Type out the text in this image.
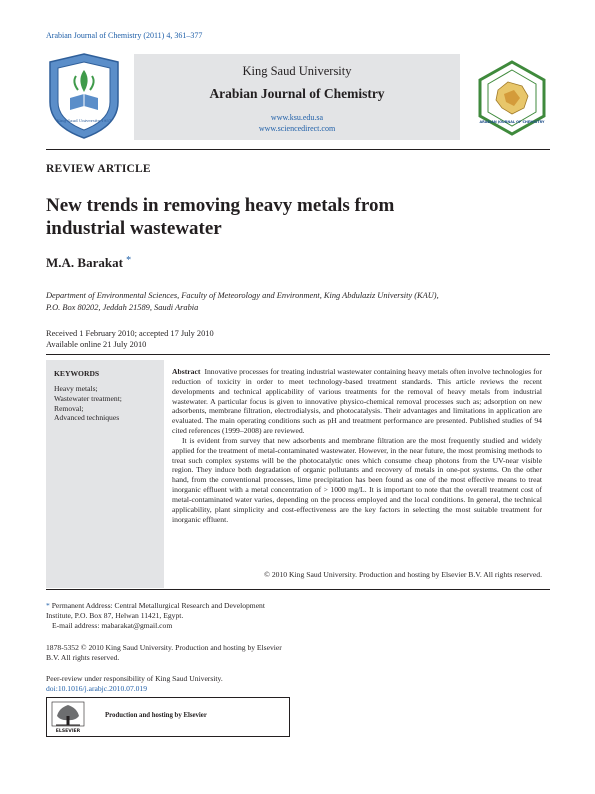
Arabian Journal of Chemistry (2011) 4, 361–377
King Saud University 1957
King Saud University
Arabian Journal of Chemistry
www.ksu.edu.sa
www.sciencedirect.com
ARABIAN JOURNAL OF CHEMISTRY
REVIEW ARTICLE
New trends in removing heavy metals from
industrial wastewater
M.A. Barakat *
Department of Environmental Sciences, Faculty of Meteorology and Environment, King Abdulaziz University (KAU),
P.O. Box 80202, Jeddah 21589, Saudi Arabia
Received 1 February 2010; accepted 17 July 2010
Available online 21 July 2010
KEYWORDS
Heavy metals;
Wastewater treatment;
Removal;
Advanced techniques

Abstract Innovative processes for treating industrial wastewater containing heavy metals often involve technologies for reduction of toxicity in order to meet technology-based treatment standards. This article reviews the recent developments and technical applicability of various treatments for the removal of heavy metals from industrial wastewater. A particular focus is given to innovative physico-chemical removal processes such as; adsorption on new adsorbents, membrane filtration, electrodialysis, and photocatalysis. Their advantages and limitations in application are evaluated. The main operating conditions such as pH and treatment performance are presented. Published studies of 94 cited references (1999–2008) are reviewed.

It is evident from survey that new adsorbents and membrane filtration are the most frequently studied and widely applied for the treatment of metal-contaminated wastewater. However, in the near future, the most promising methods to treat such complex systems will be the photocatalytic ones which consume cheap photons from the UV-near visible region. They induce both degradation of organic pollutants and recovery of metals in one-pot systems. On the other hand, from the conventional processes, lime precipitation has been found as one of the most effective means to treat inorganic effluent with a metal concentration of > 1000 mg/L. It is important to note that the overall treatment cost of metal-contaminated water varies, depending on the process employed and the local conditions. In general, the technical applicability, plant simplicity and cost-effectiveness are the key factors in selecting the most suitable treatment for inorganic effluent.

© 2010 King Saud University. Production and hosting by Elsevier B.V. All rights reserved.
* Permanent Address: Central Metallurgical Research and Development Institute, P.O. Box 87, Helwan 11421, Egypt.
E-mail address: mabarakat@gmail.com
1878-5352 © 2010 King Saud University. Production and hosting by Elsevier B.V. All rights reserved.
Peer-review under responsibility of King Saud University.
doi:10.1016/j.arabjc.2010.07.019
ELSEVIER
Production and hosting by Elsevier
